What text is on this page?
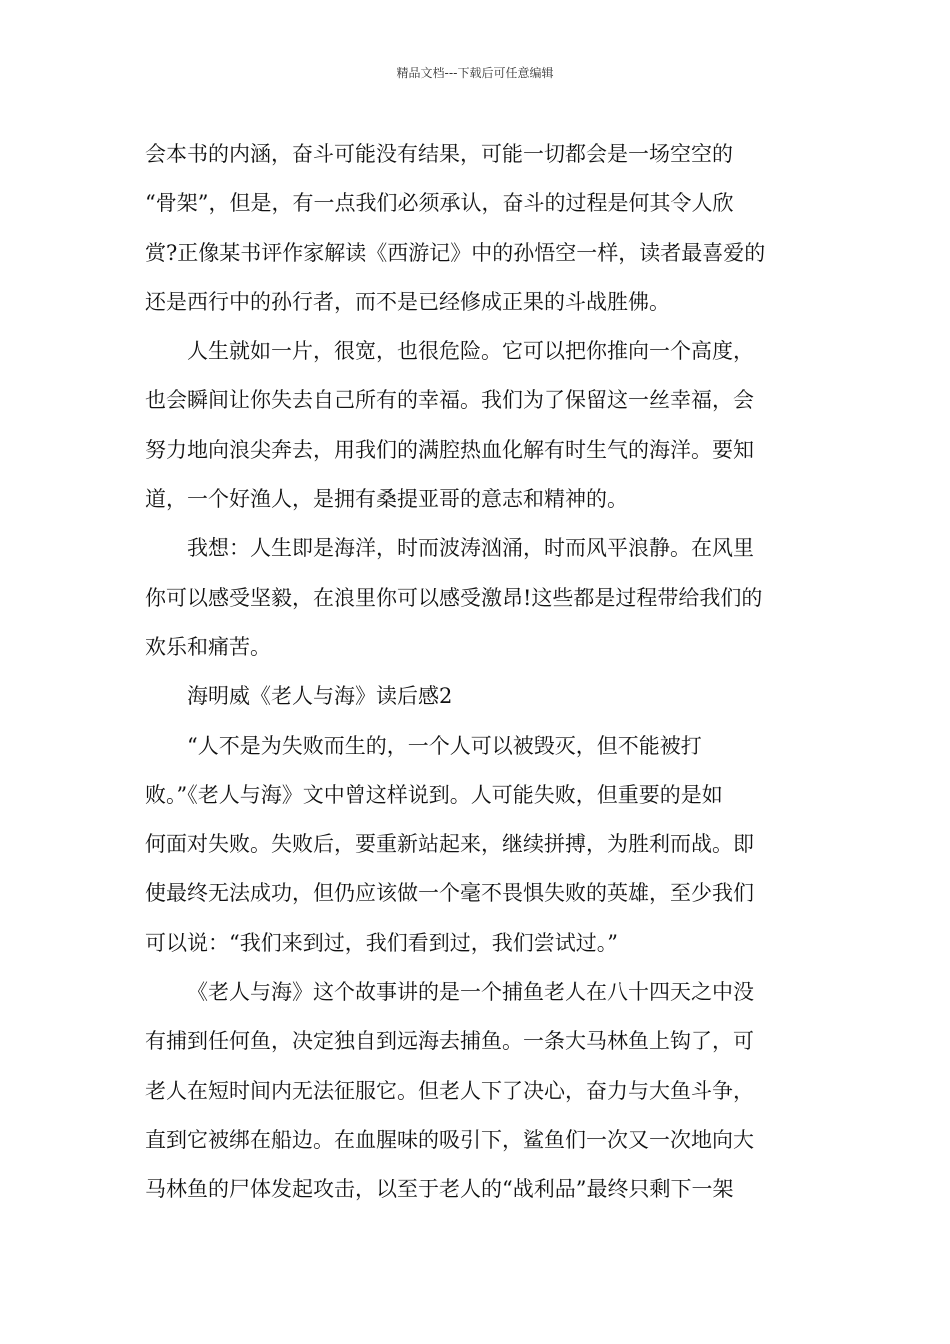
精品文档---下载后可任意编辑

会本书的内涵，奋斗可能没有结果，可能一切都会是一场空空的
“骨架”，但是，有一点我们必须承认，奋斗的过程是何其令人欣
赏?正像某书评作家解读《西游记》中的孙悟空一样，读者最喜爱的
还是西行中的孙行者，而不是已经修成正果的斗战胜佛。

人生就如一片，很宽，也很危险。它可以把你推向一个高度，
也会瞬间让你失去自己所有的幸福。我们为了保留这一丝幸福，会
努力地向浪尖奔去，用我们的满腔热血化解有时生气的海洋。要知
道，一个好渔人，是拥有桑提亚哥的意志和精神的。

我想：人生即是海洋，时而波涛汹涌，时而风平浪静。在风里
你可以感受坚毅，在浪里你可以感受激昂!这些都是过程带给我们的
欢乐和痛苦。

海明威《老人与海》读后感2

“人不是为失败而生的，一个人可以被毁灭，但不能被打
败。”《老人与海》文中曾这样说到。人可能失败，但重要的是如
何面对失败。失败后，要重新站起来，继续拼搏，为胜利而战。即
使最终无法成功，但仍应该做一个毫不畏惧失败的英雄，至少我们
可以说：“我们来到过，我们看到过，我们尝试过。”

《老人与海》这个故事讲的是一个捕鱼老人在八十四天之中没
有捕到任何鱼，决定独自到远海去捕鱼。一条大马林鱼上钩了，可
老人在短时间内无法征服它。但老人下了决心，奋力与大鱼斗争，
直到它被绑在船边。在血腥味的吸引下，鲨鱼们一次又一次地向大
马林鱼的尸体发起攻击，以至于老人的“战利品”最终只剩下一架
